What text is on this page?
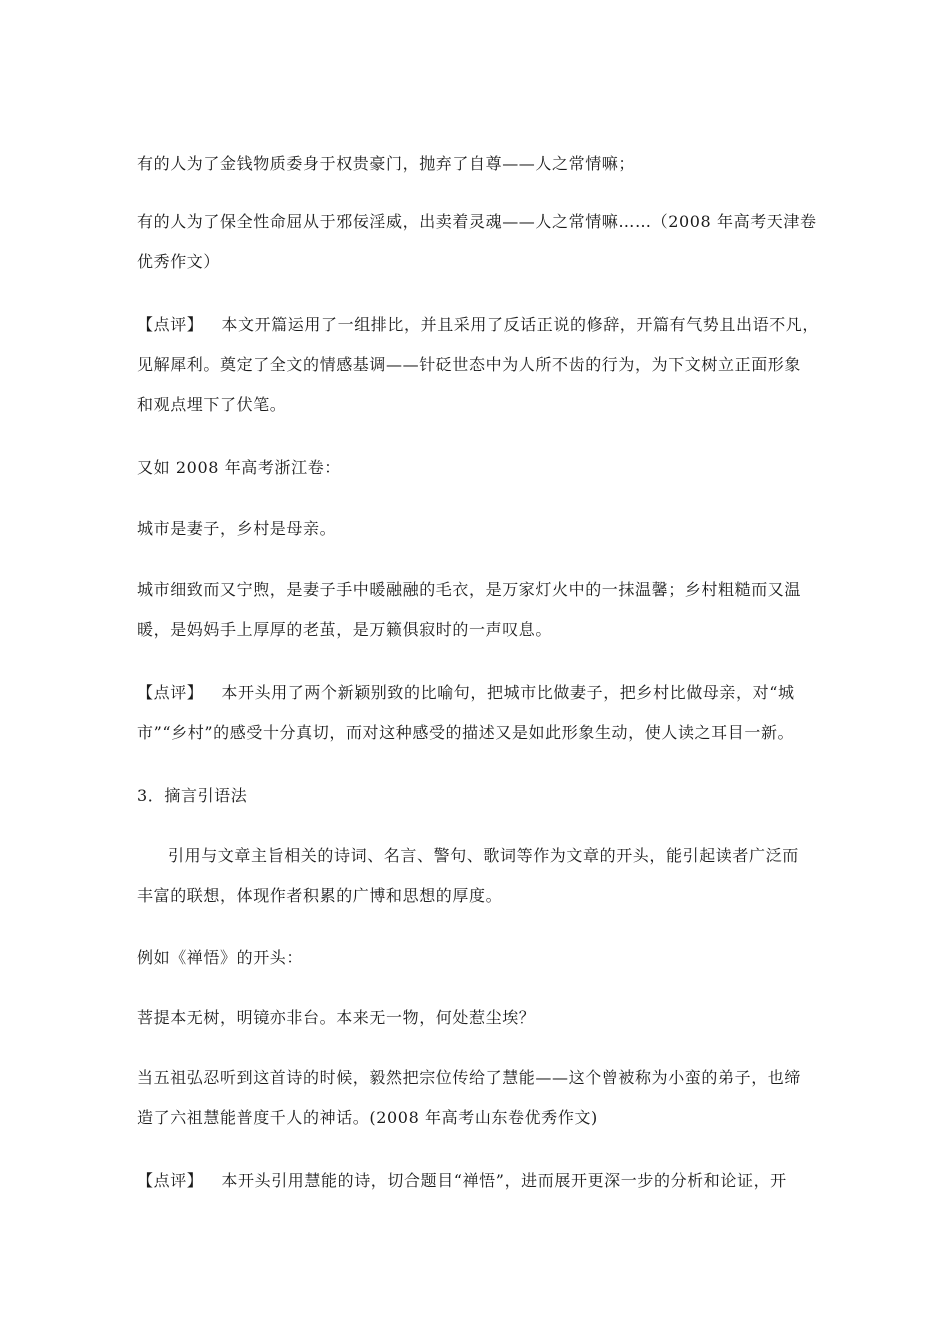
有的人为了金钱物质委身于权贵豪门，抛弃了自尊——人之常情嘛；
有的人为了保全性命屈从于邪佞淫威，出卖着灵魂——人之常情嘛……（2008 年高考天津卷
优秀作文）
【点评】 本文开篇运用了一组排比，并且采用了反话正说的修辞，开篇有气势且出语不凡，
见解犀利。奠定了全文的情感基调——针砭世态中为人所不齿的行为，为下文树立正面形象
和观点埋下了伏笔。
又如 2008 年高考浙江卷：
城市是妻子，乡村是母亲。
城市细致而又宁煦，是妻子手中暖融融的毛衣，是万家灯火中的一抹温馨；乡村粗糙而又温
暖，是妈妈手上厚厚的老茧，是万籁俱寂时的一声叹息。
【点评】 本开头用了两个新颖别致的比喻句，把城市比做妻子，把乡村比做母亲，对“城
市”“乡村”的感受十分真切，而对这种感受的描述又是如此形象生动，使人读之耳目一新。
3．摘言引语法
引用与文章主旨相关的诗词、名言、警句、歌词等作为文章的开头，能引起读者广泛而
丰富的联想，体现作者积累的广博和思想的厚度。
例如《禅悟》的开头：
菩提本无树，明镜亦非台。本来无一物，何处惹尘埃？
当五祖弘忍听到这首诗的时候，毅然把宗位传给了慧能——这个曾被称为小蛮的弟子，也缔
造了六祖慧能普度千人的神话。(2008 年高考山东卷优秀作文)
【点评】 本开头引用慧能的诗，切合题目“禅悟”，进而展开更深一步的分析和论证，开
